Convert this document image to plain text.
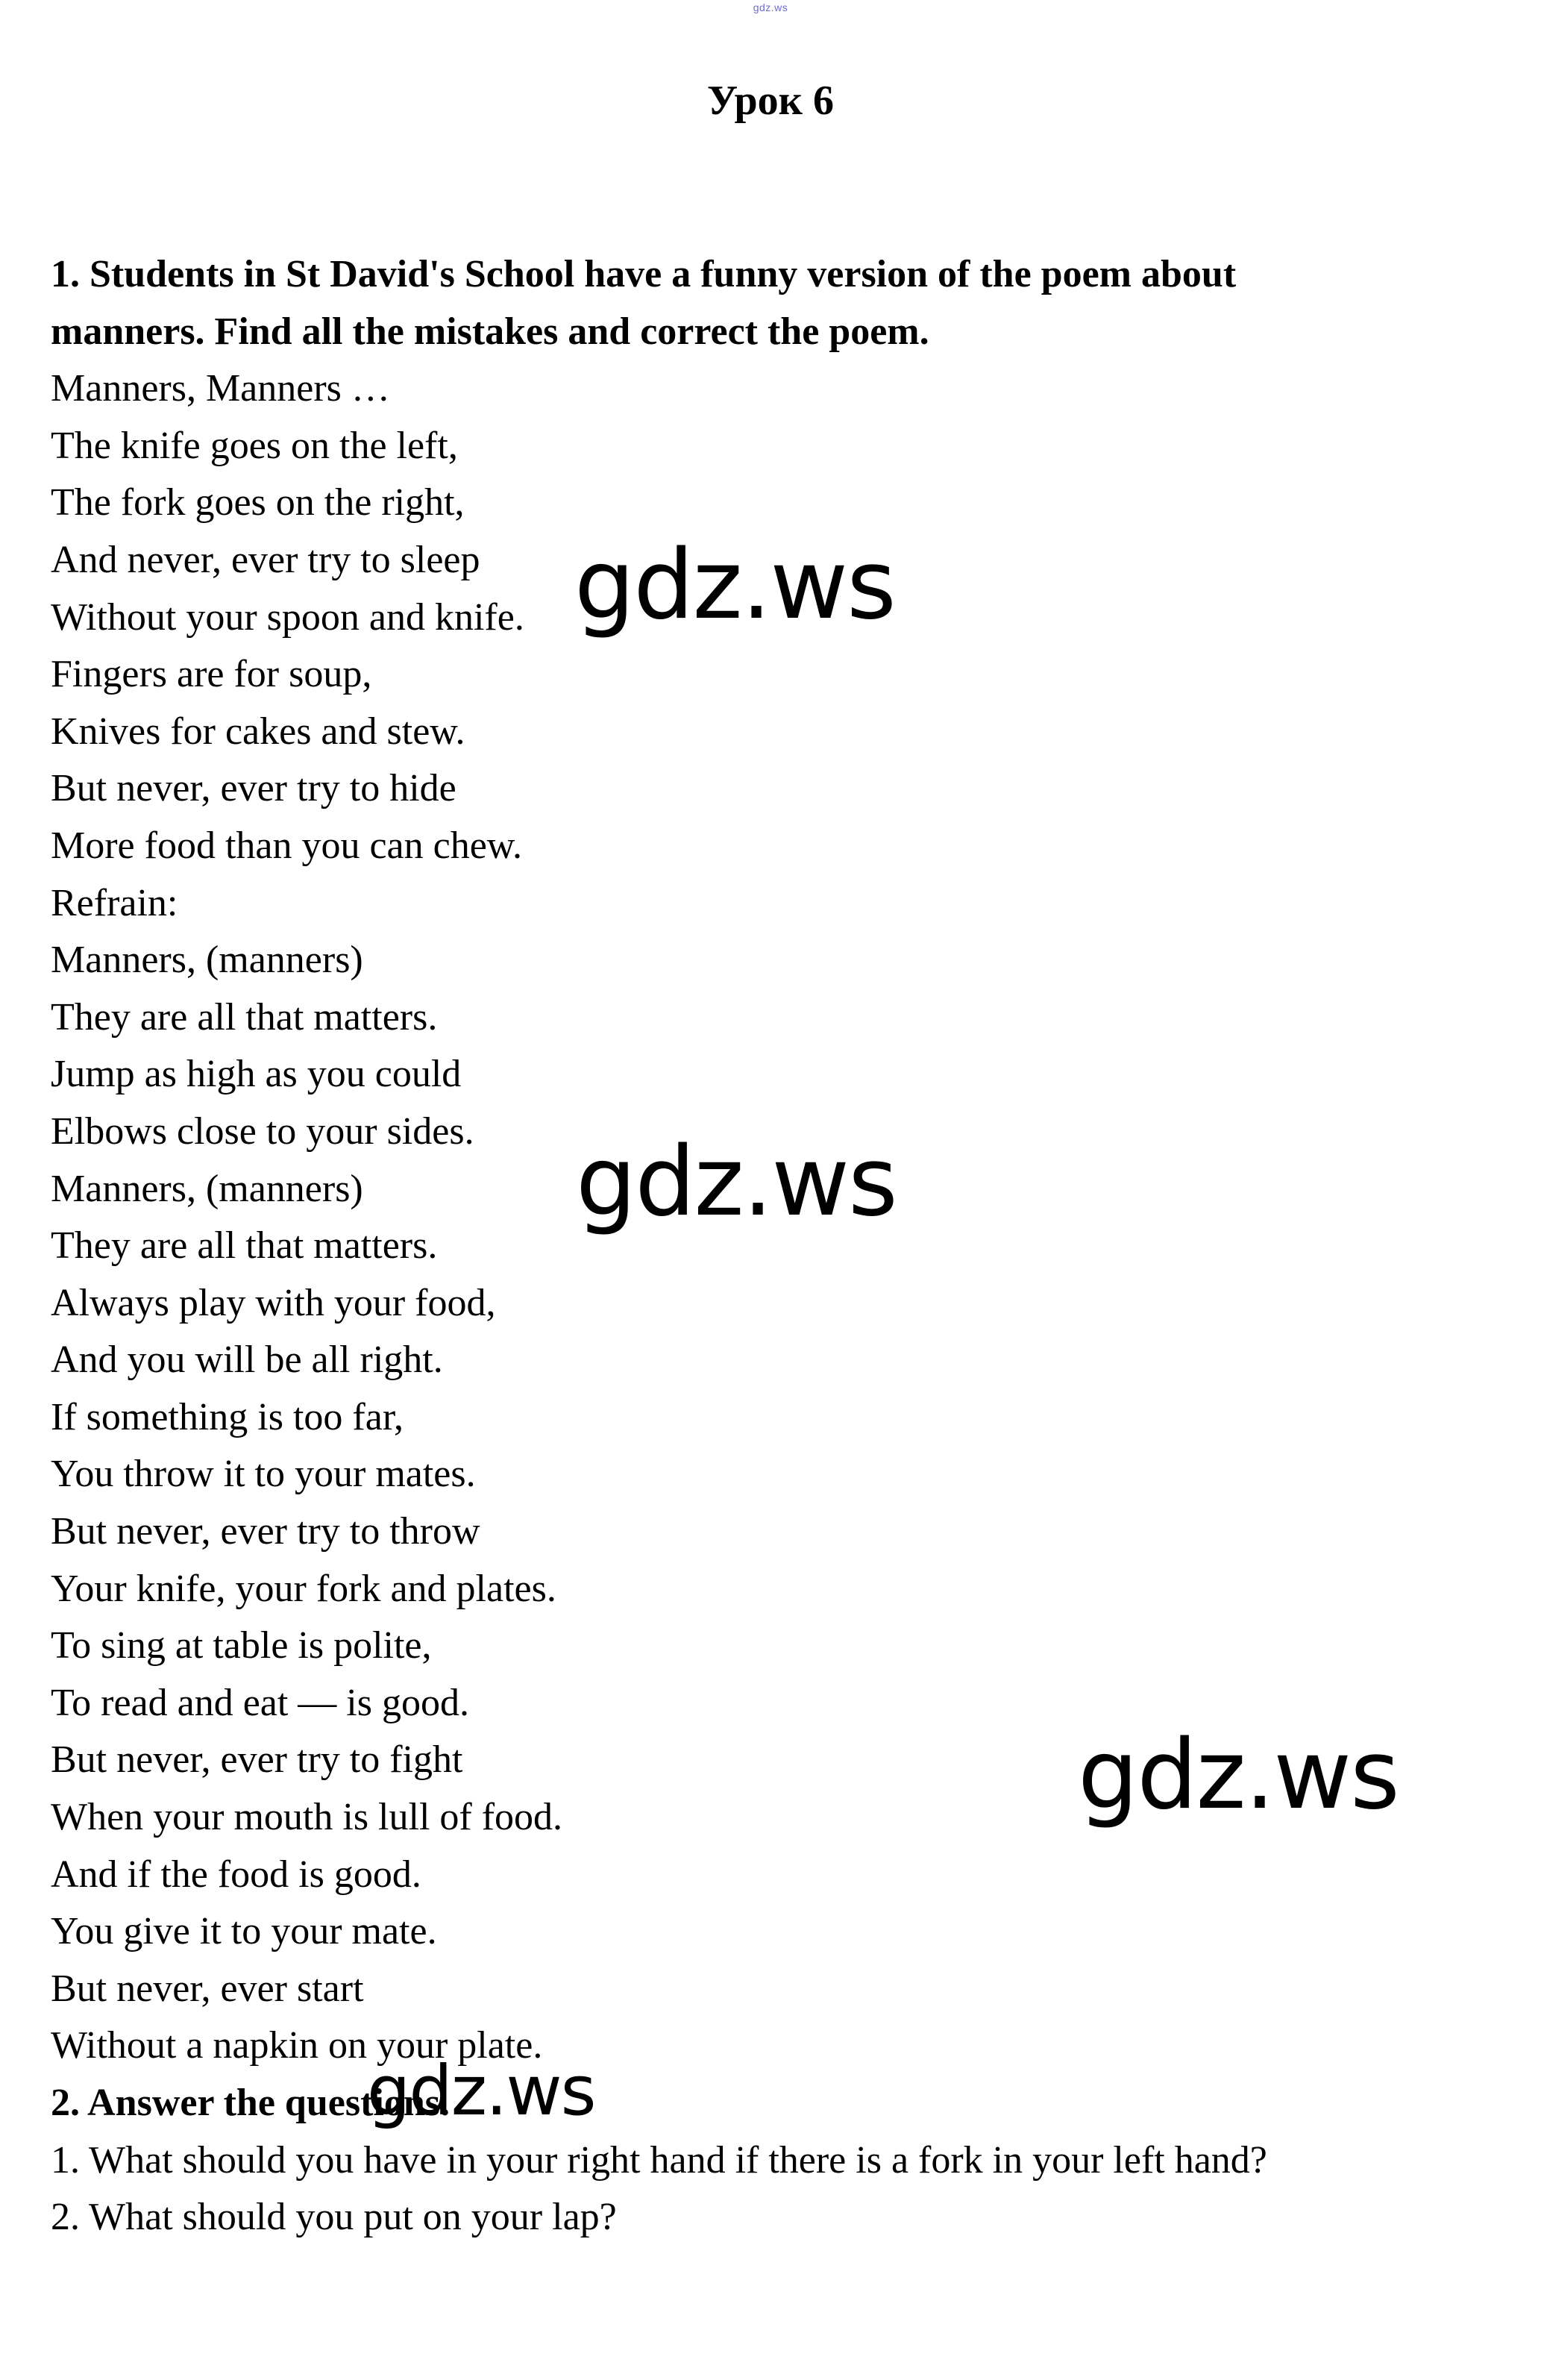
gdz.ws
Урок 6
1. Students in St David's School have a funny version of the poem about
manners. Find all the mistakes and correct the poem.
Manners, Manners …
The knife goes on the left,
The fork goes on the right,
And never, ever try to sleep
Without your spoon and knife.
Fingers are for soup,
Knives for cakes and stew.
But never, ever try to hide
More food than you can chew.
Refrain:
Manners, (manners)
They are all that matters.
Jump as high as you could
Elbows close to your sides.
Manners, (manners)
They are all that matters.
Always play with your food,
And you will be all right.
If something is too far,
You throw it to your mates.
But never, ever try to throw
Your knife, your fork and plates.
To sing at table is polite,
To read and eat — is good.
But never, ever try to fight
When your mouth is lull of food.
And if the food is good.
You give it to your mate.
But never, ever start
Without a napkin on your plate.
2. Answer the questions.
1. What should you have in your right hand if there is a fork in your left hand?
2. What should you put on your lap?
gdz.ws
gdz.ws
gdz.ws
gdz.ws
